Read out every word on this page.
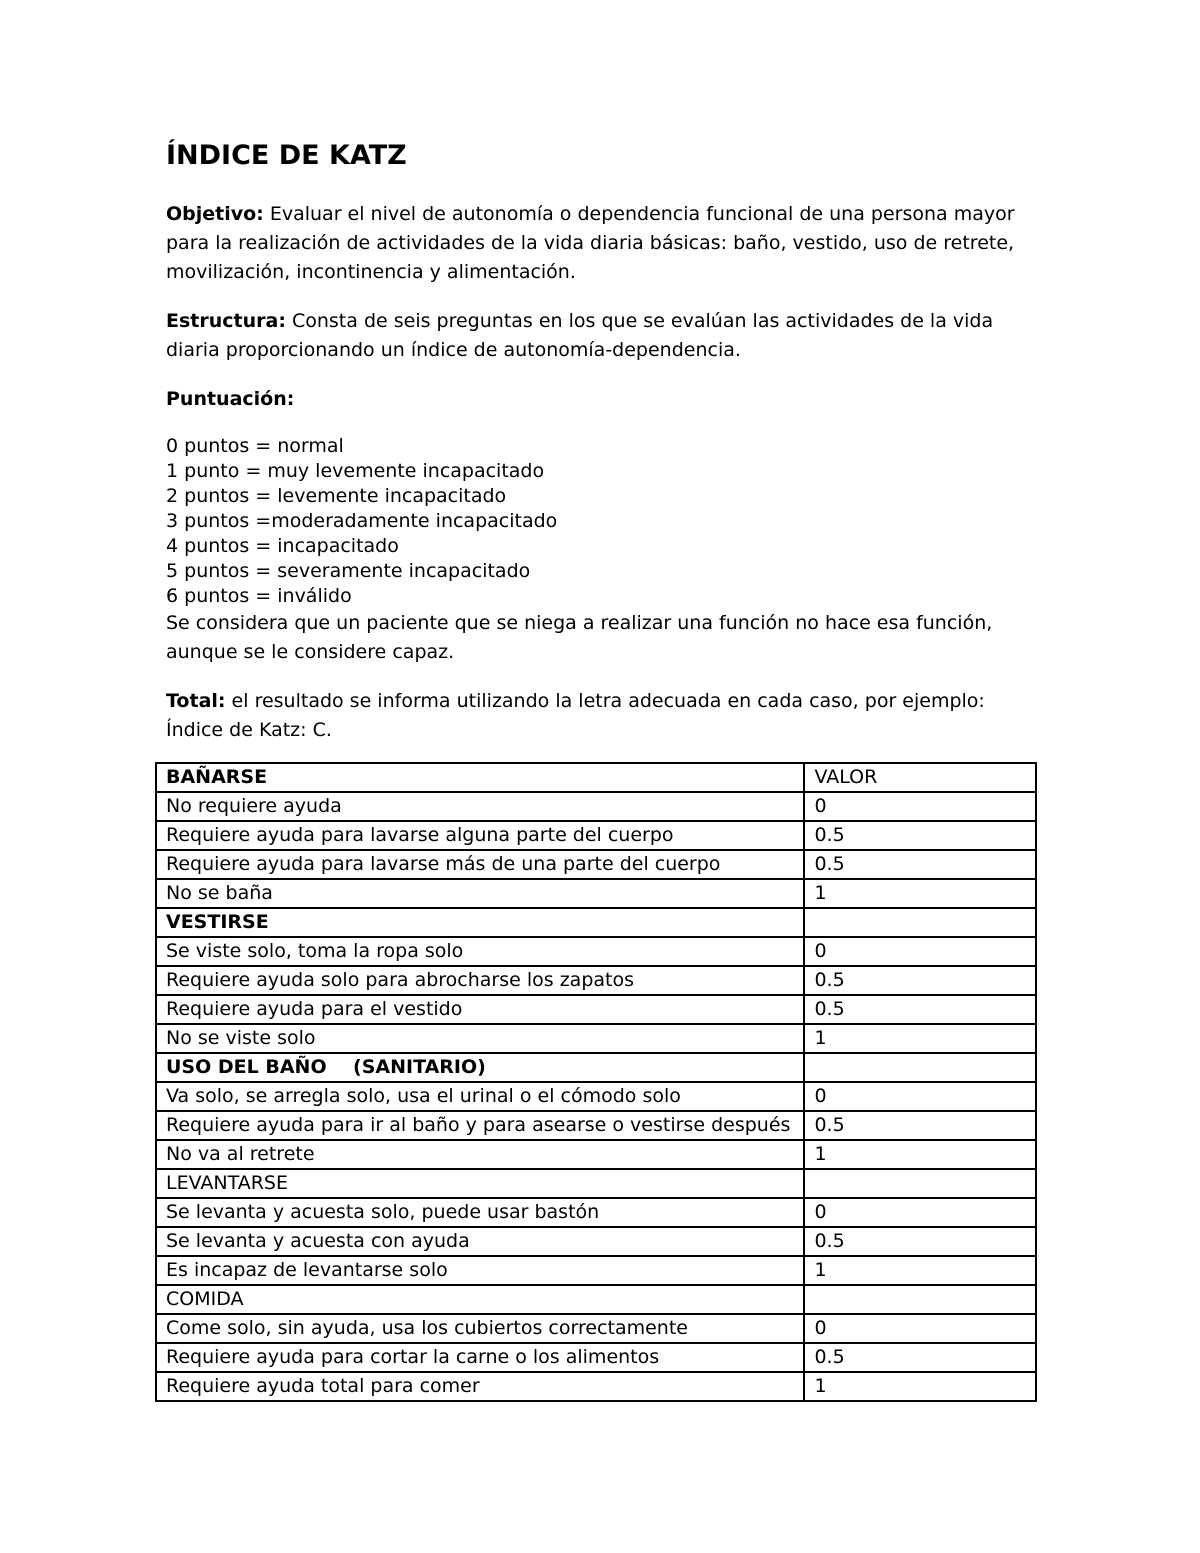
ÍNDICE DE KATZ

Objetivo: Evaluar el nivel de autonomía o dependencia funcional de una persona mayor para la realización de actividades de la vida diaria básicas: baño, vestido, uso de retrete, movilización, incontinencia y alimentación.

Estructura: Consta de seis preguntas en los que se evalúan las actividades de la vida diaria proporcionando un índice de autonomía-dependencia.

Puntuación:

0 puntos = normal
1 punto = muy levemente incapacitado
2 puntos = levemente incapacitado
3 puntos =moderadamente incapacitado
4 puntos = incapacitado
5 puntos = severamente incapacitado
6 puntos = inválido

Se considera que un paciente que se niega a realizar una función no hace esa función, aunque se le considere capaz.

Total: el resultado se informa utilizando la letra adecuada en cada caso, por ejemplo: Índice de Katz: C.

BAÑARSE	VALOR
No requiere ayuda	0
Requiere ayuda para lavarse alguna parte del cuerpo	0.5
Requiere ayuda para lavarse más de una parte del cuerpo	0.5
No se baña	1
VESTIRSE	
Se viste solo, toma la ropa solo	0
Requiere ayuda solo para abrocharse los zapatos	0.5
Requiere ayuda para el vestido	0.5
No se viste solo	1
USO DEL BAÑO    (SANITARIO)	
Va solo, se arregla solo, usa el urinal o el cómodo solo	0
Requiere ayuda para ir al baño y para asearse o vestirse después	0.5
No va al retrete	1
LEVANTARSE	
Se levanta y acuesta solo, puede usar bastón	0
Se levanta y acuesta con ayuda	0.5
Es incapaz de levantarse solo	1
COMIDA	
Come solo, sin ayuda, usa los cubiertos correctamente	0
Requiere ayuda para cortar la carne o los alimentos	0.5
Requiere ayuda total para comer	1
